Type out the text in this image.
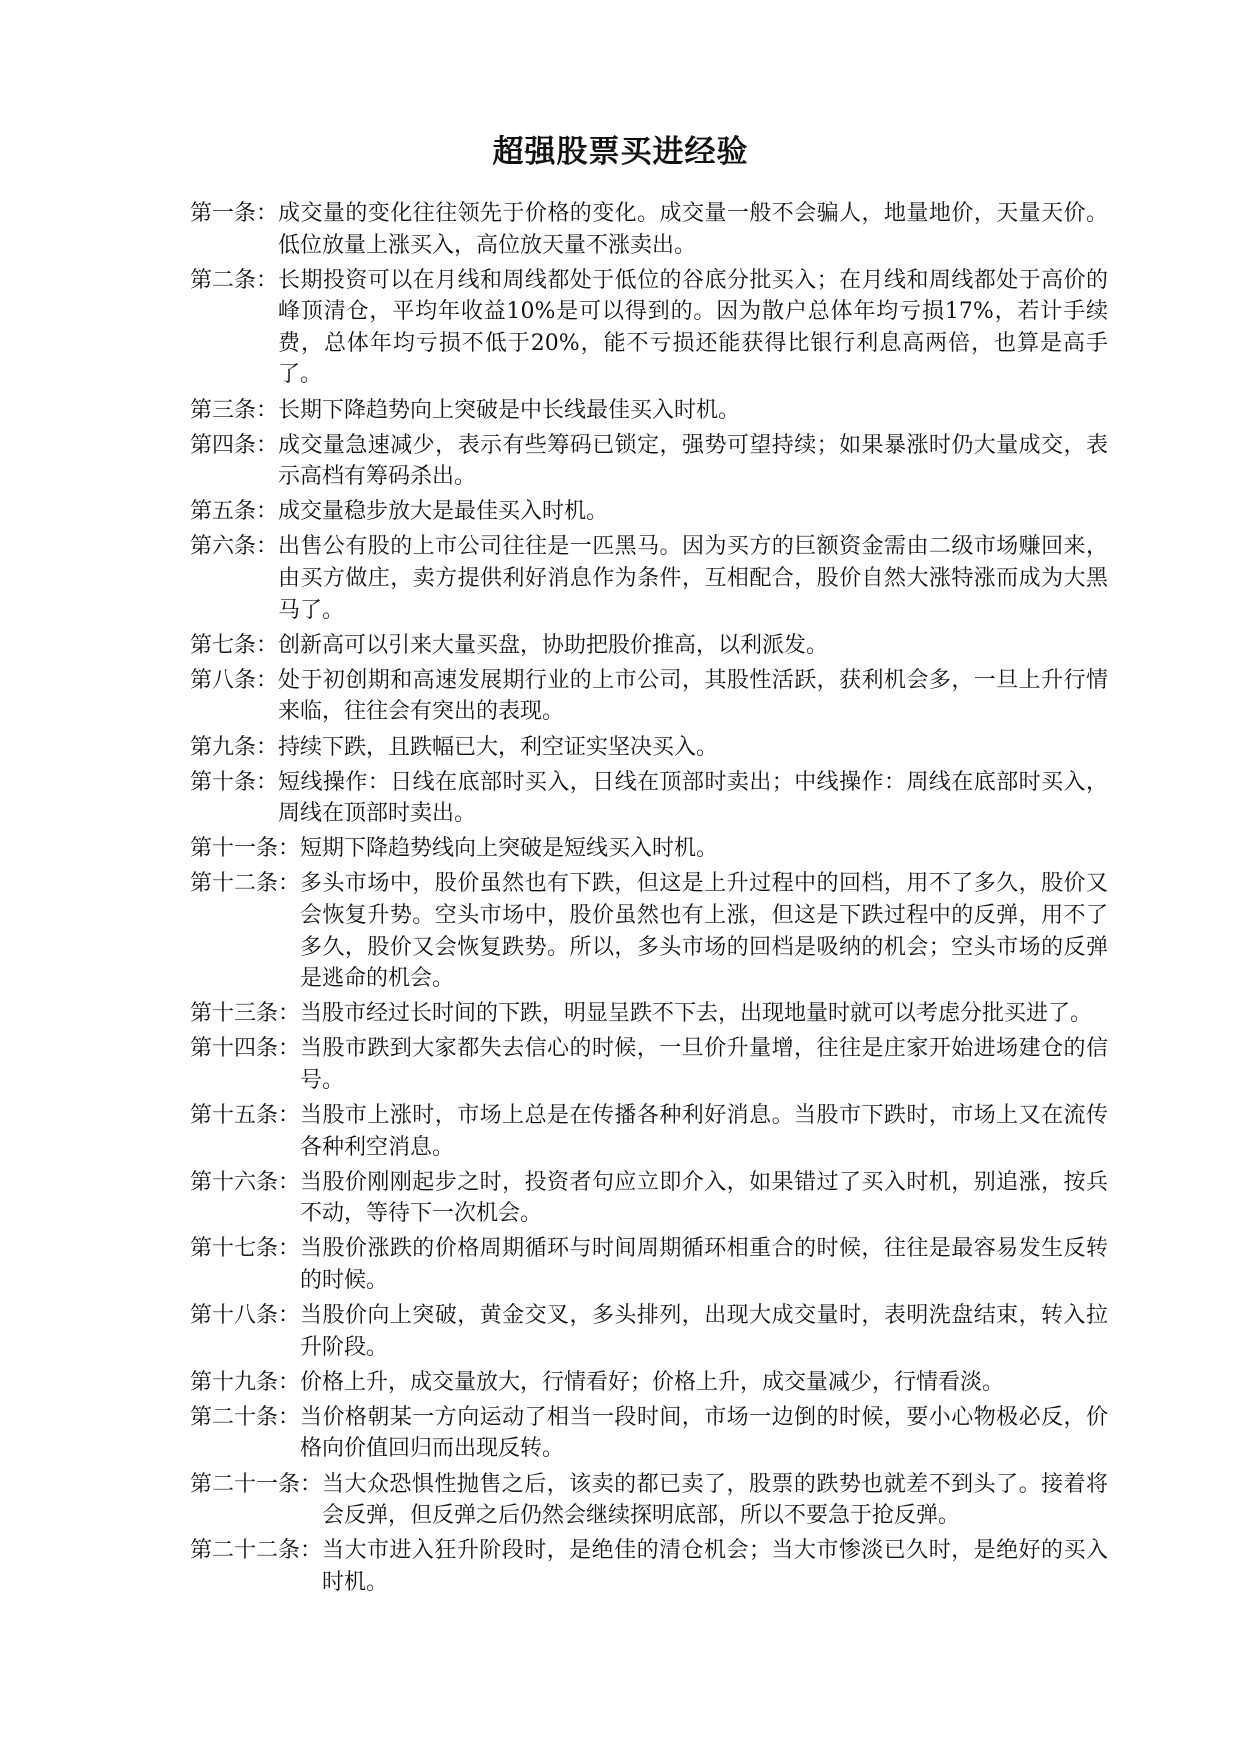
超强股票买进经验
第一条： 成交量的变化往往领先于价格的变化。成交量一般不会骗人，地量地价，天量天价。低位放量上涨买入，高位放天量不涨卖出。
第二条： 长期投资可以在月线和周线都处于低位的谷底分批买入；在月线和周线都处于高价的峰顶清仓，平均年收益10%是可以得到的。因为散户总体年均亏损17%，若计手续费，总体年均亏损不低于20%，能不亏损还能获得比银行利息高两倍，也算是高手了。
第三条： 长期下降趋势向上突破是中长线最佳买入时机。
第四条： 成交量急速减少，表示有些筹码已锁定，强势可望持续；如果暴涨时仍大量成交，表示高档有筹码杀出。
第五条： 成交量稳步放大是最佳买入时机。
第六条： 出售公有股的上市公司往往是一匹黑马。因为买方的巨额资金需由二级市场赚回来，由买方做庄，卖方提供利好消息作为条件，互相配合，股价自然大涨特涨而成为大黑马了。
第七条： 创新高可以引来大量买盘，协助把股价推高，以利派发。
第八条： 处于初创期和高速发展期行业的上市公司，其股性活跃，获利机会多，一旦上升行情来临，往往会有突出的表现。
第九条： 持续下跌，且跌幅已大，利空证实坚决买入。
第十条： 短线操作：日线在底部时买入，日线在顶部时卖出；中线操作：周线在底部时买入，周线在顶部时卖出。
第十一条： 短期下降趋势线向上突破是短线买入时机。
第十二条： 多头市场中，股价虽然也有下跌，但这是上升过程中的回档，用不了多久，股价又会恢复升势。空头市场中，股价虽然也有上涨，但这是下跌过程中的反弹，用不了多久，股价又会恢复跌势。所以，多头市场的回档是吸纳的机会；空头市场的反弹是逃命的机会。
第十三条： 当股市经过长时间的下跌，明显呈跌不下去，出现地量时就可以考虑分批买进了。
第十四条： 当股市跌到大家都失去信心的时候，一旦价升量增，往往是庄家开始进场建仓的信号。
第十五条： 当股市上涨时，市场上总是在传播各种利好消息。当股市下跌时，市场上又在流传各种利空消息。
第十六条： 当股价刚刚起步之时，投资者句应立即介入，如果错过了买入时机，别追涨，按兵不动，等待下一次机会。
第十七条： 当股价涨跌的价格周期循环与时间周期循环相重合的时候，往往是最容易发生反转的时候。
第十八条： 当股价向上突破，黄金交叉，多头排列，出现大成交量时，表明洗盘结束，转入拉升阶段。
第十九条： 价格上升，成交量放大，行情看好；价格上升，成交量减少，行情看淡。
第二十条： 当价格朝某一方向运动了相当一段时间，市场一边倒的时候，要小心物极必反，价格向价值回归而出现反转。
第二十一条： 当大众恐惧性抛售之后，该卖的都已卖了，股票的跌势也就差不到头了。接着将会反弹，但反弹之后仍然会继续探明底部，所以不要急于抢反弹。
第二十二条： 当大市进入狂升阶段时，是绝佳的清仓机会；当大市惨淡已久时，是绝好的买入时机。
